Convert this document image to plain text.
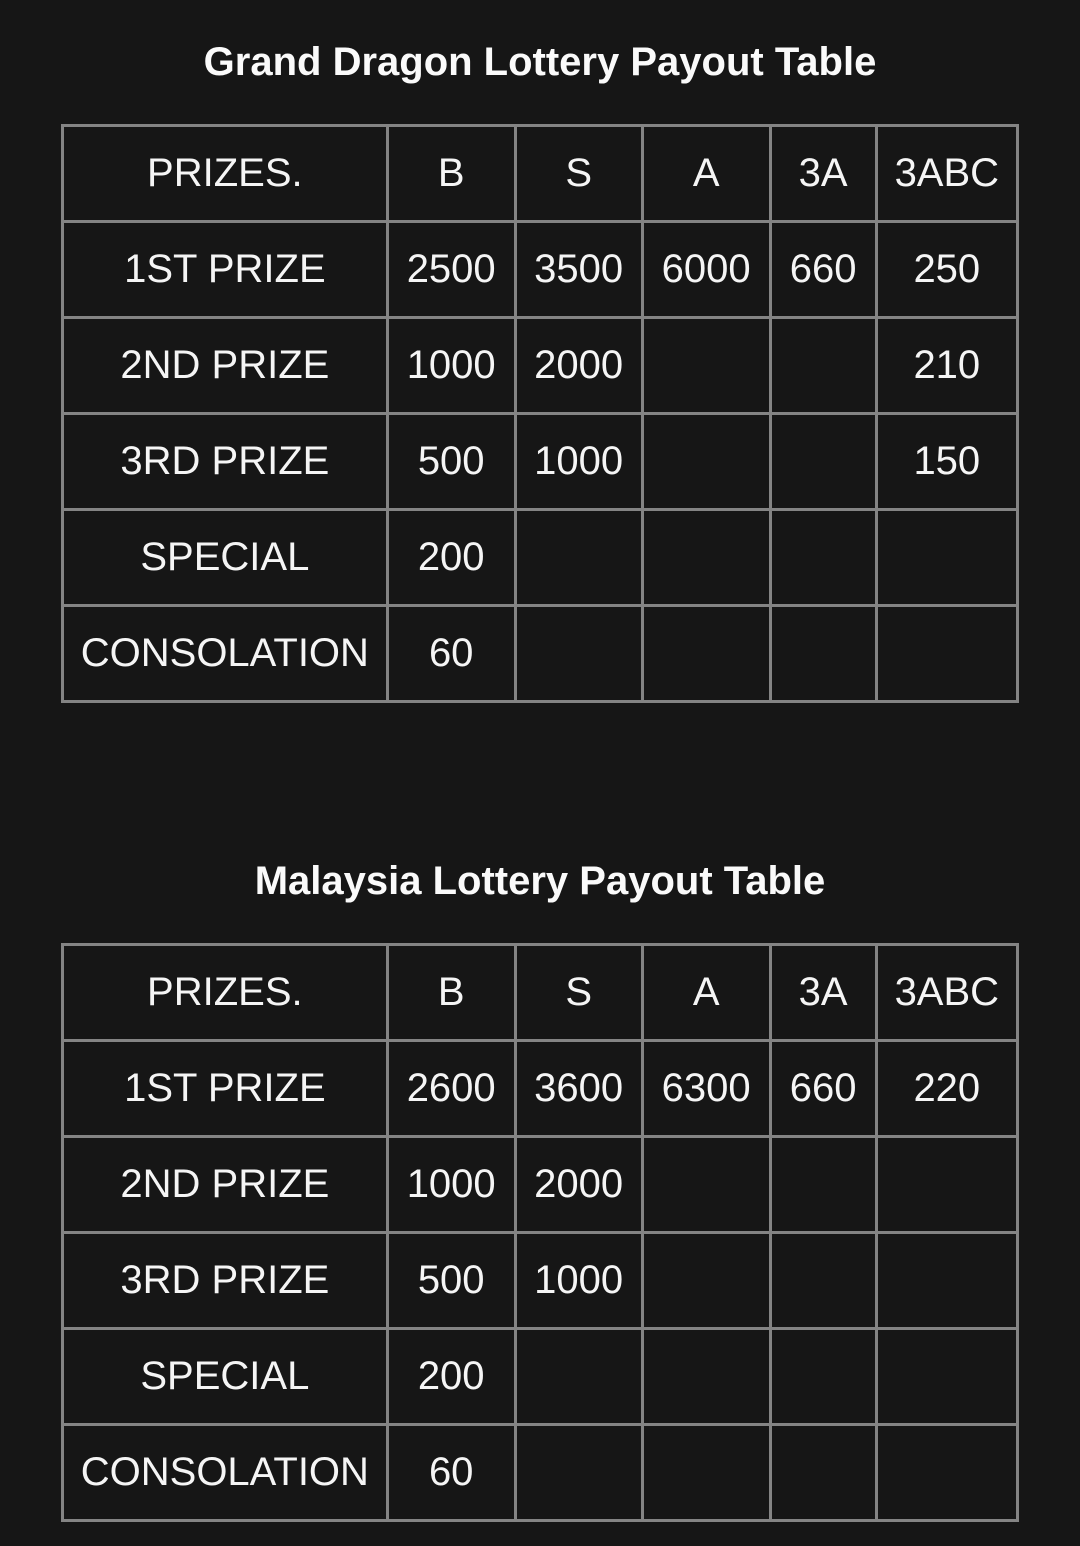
Grand Dragon Lottery Payout Table
PRIZES.	B	S	A	3A	3ABC
1ST PRIZE	2500	3500	6000	660	250
2ND PRIZE	1000	2000			210
3RD PRIZE	500	1000			150
SPECIAL	200				
CONSOLATION	60				
Malaysia Lottery Payout Table
PRIZES.	B	S	A	3A	3ABC
1ST PRIZE	2600	3600	6300	660	220
2ND PRIZE	1000	2000			
3RD PRIZE	500	1000			
SPECIAL	200				
CONSOLATION	60				
